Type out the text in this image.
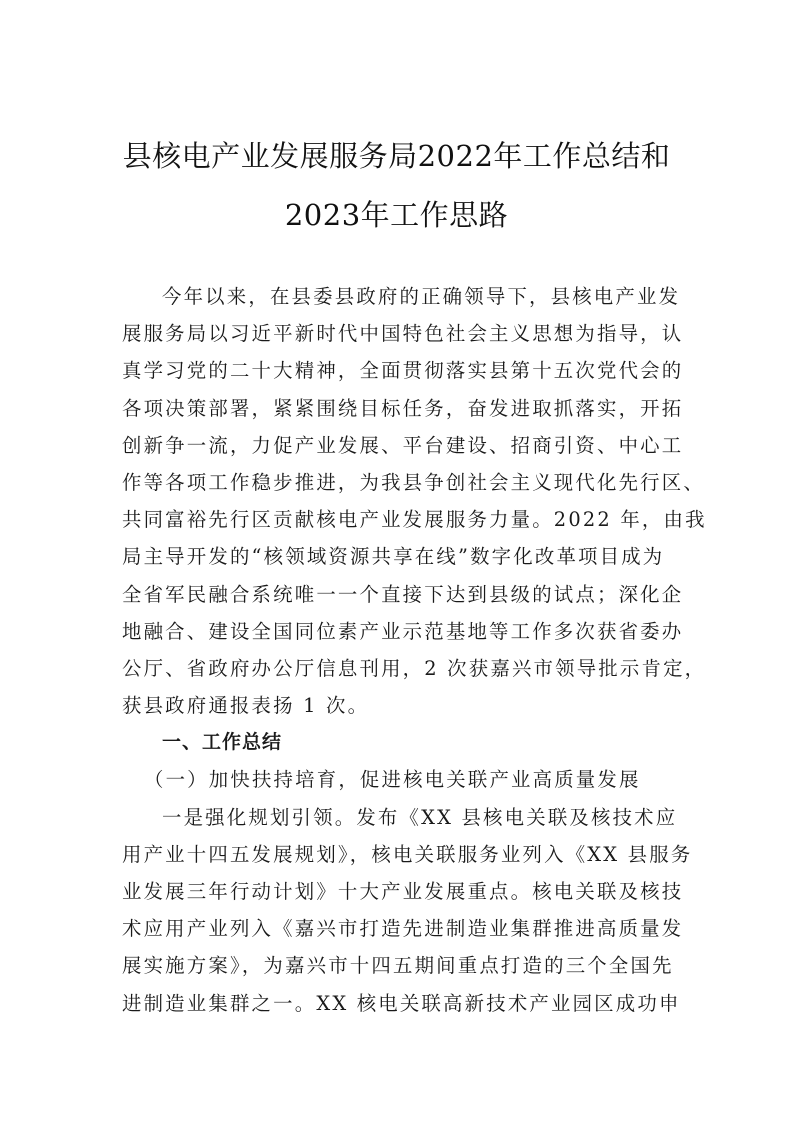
县核电产业发展服务局2022年工作总结和
2023年工作思路
今年以来，在县委县政府的正确领导下，县核电产业发
展服务局以习近平新时代中国特色社会主义思想为指导，认
真学习党的二十大精神，全面贯彻落实县第十五次党代会的
各项决策部署，紧紧围绕目标任务，奋发进取抓落实，开拓
创新争一流，力促产业发展、平台建设、招商引资、中心工
作等各项工作稳步推进，为我县争创社会主义现代化先行区、
共同富裕先行区贡献核电产业发展服务力量。2022 年，由我
局主导开发的“核领域资源共享在线”数字化改革项目成为
全省军民融合系统唯一一个直接下达到县级的试点；深化企
地融合、建设全国同位素产业示范基地等工作多次获省委办
公厅、省政府办公厅信息刊用，2 次获嘉兴市领导批示肯定，
获县政府通报表扬 1 次。
一、工作总结
（一）加快扶持培育，促进核电关联产业高质量发展
一是强化规划引领。发布《XX 县核电关联及核技术应
用产业十四五发展规划》，核电关联服务业列入《XX 县服务
业发展三年行动计划》十大产业发展重点。核电关联及核技
术应用产业列入《嘉兴市打造先进制造业集群推进高质量发
展实施方案》，为嘉兴市十四五期间重点打造的三个全国先
进制造业集群之一。XX 核电关联高新技术产业园区成功申
